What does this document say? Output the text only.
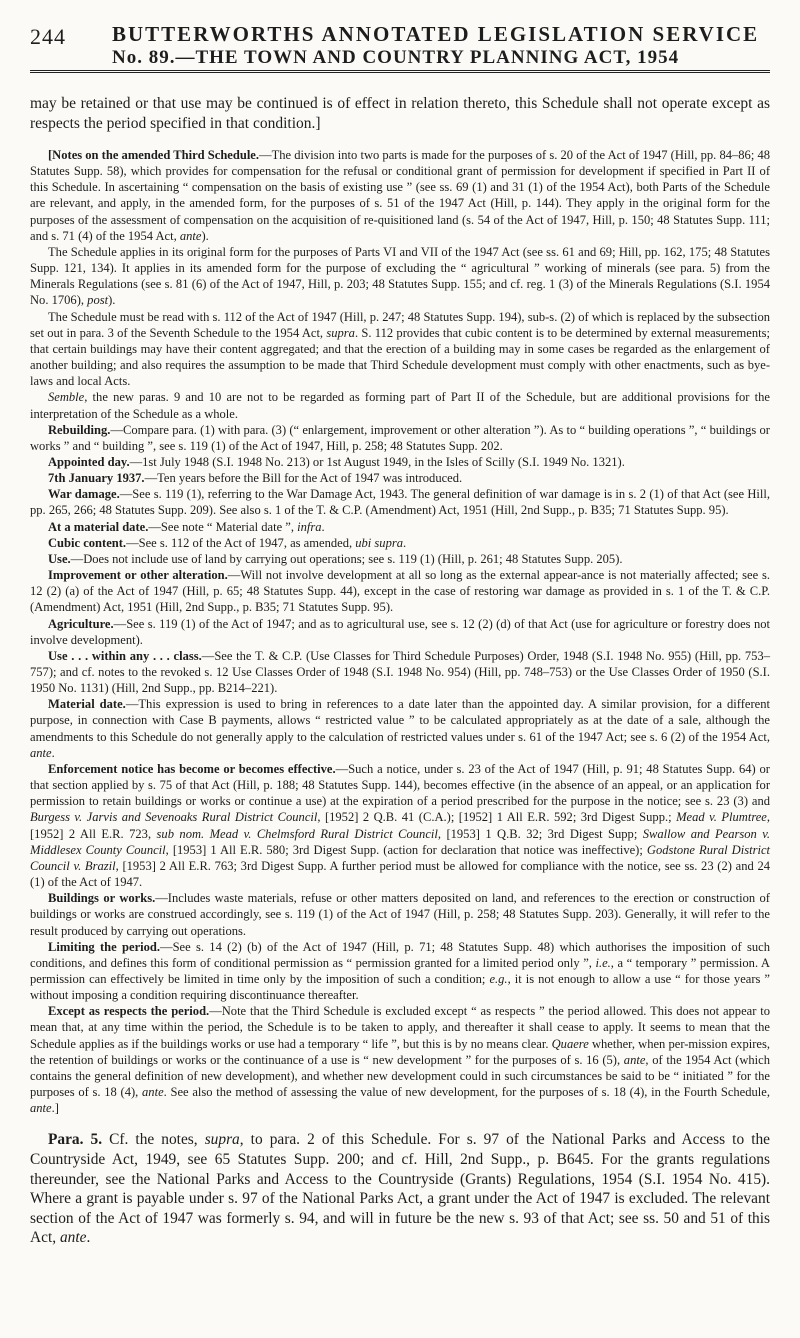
244 BUTTERWORTHS ANNOTATED LEGISLATION SERVICE
No. 89.—THE TOWN AND COUNTRY PLANNING ACT, 1954

may be retained or that use may be continued is of effect in relation thereto, this Schedule shall not operate except as respects the period specified in that condition.]

[Notes on the amended Third Schedule.—The division into two parts is made for the purposes of s. 20 of the Act of 1947 (Hill, pp. 84–86; 48 Statutes Supp. 58), which provides for compensation for the refusal or conditional grant of permission for development if specified in Part II of this Schedule. In ascertaining “ compensation on the basis of existing use ” (see ss. 69 (1) and 31 (1) of the 1954 Act), both Parts of the Schedule are relevant, and apply, in the amended form, for the purposes of s. 51 of the 1947 Act (Hill, p. 144). They apply in the original form for the purposes of the assessment of compensation on the acquisition of re-quisitioned land (s. 54 of the Act of 1947, Hill, p. 150; 48 Statutes Supp. 111; and s. 71 (4) of the 1954 Act, ante).

The Schedule applies in its original form for the purposes of Parts VI and VII of the 1947 Act (see ss. 61 and 69; Hill, pp. 162, 175; 48 Statutes Supp. 121, 134). It applies in its amended form for the purpose of excluding the “ agricultural ” working of minerals (see para. 5) from the Minerals Regulations (see s. 81 (6) of the Act of 1947, Hill, p. 203; 48 Statutes Supp. 155; and cf. reg. 1 (3) of the Minerals Regulations (S.I. 1954 No. 1706), post).

The Schedule must be read with s. 112 of the Act of 1947 (Hill, p. 247; 48 Statutes Supp. 194), sub-s. (2) of which is replaced by the subsection set out in para. 3 of the Seventh Schedule to the 1954 Act, supra. S. 112 provides that cubic content is to be determined by external measurements; that certain buildings may have their content aggregated; and that the erection of a building may in some cases be regarded as the enlargement of another building; and also requires the assumption to be made that Third Schedule development must comply with other enactments, such as bye-laws and local Acts.

Semble, the new paras. 9 and 10 are not to be regarded as forming part of Part II of the Schedule, but are additional provisions for the interpretation of the Schedule as a whole.

Rebuilding.—Compare para. (1) with para. (3) (“ enlargement, improvement or other alteration ”). As to “ building operations ”, “ buildings or works ” and “ building ”, see s. 119 (1) of the Act of 1947, Hill, p. 258; 48 Statutes Supp. 202.

Appointed day.—1st July 1948 (S.I. 1948 No. 213) or 1st August 1949, in the Isles of Scilly (S.I. 1949 No. 1321).

7th January 1937.—Ten years before the Bill for the Act of 1947 was introduced.

War damage.—See s. 119 (1), referring to the War Damage Act, 1943. The general definition of war damage is in s. 2 (1) of that Act (see Hill, pp. 265, 266; 48 Statutes Supp. 209). See also s. 1 of the T. & C.P. (Amendment) Act, 1951 (Hill, 2nd Supp., p. B35; 71 Statutes Supp. 95).

At a material date.—See note “ Material date ”, infra.

Cubic content.—See s. 112 of the Act of 1947, as amended, ubi supra.

Use.—Does not include use of land by carrying out operations; see s. 119 (1) (Hill, p. 261; 48 Statutes Supp. 205).

Improvement or other alteration.—Will not involve development at all so long as the external appear-ance is not materially affected; see s. 12 (2) (a) of the Act of 1947 (Hill, p. 65; 48 Statutes Supp. 44), except in the case of restoring war damage as provided in s. 1 of the T. & C.P. (Amendment) Act, 1951 (Hill, 2nd Supp., p. B35; 71 Statutes Supp. 95).

Agriculture.—See s. 119 (1) of the Act of 1947; and as to agricultural use, see s. 12 (2) (d) of that Act (use for agriculture or forestry does not involve development).

Use . . . within any . . . class.—See the T. & C.P. (Use Classes for Third Schedule Purposes) Order, 1948 (S.I. 1948 No. 955) (Hill, pp. 753–757); and cf. notes to the revoked s. 12 Use Classes Order of 1948 (S.I. 1948 No. 954) (Hill, pp. 748–753) or the Use Classes Order of 1950 (S.I. 1950 No. 1131) (Hill, 2nd Supp., pp. B214–221).

Material date.—This expression is used to bring in references to a date later than the appointed day. A similar provision, for a different purpose, in connection with Case B payments, allows “ restricted value ” to be calculated appropriately as at the date of a sale, although the amendments to this Schedule do not generally apply to the calculation of restricted values under s. 61 of the 1947 Act; see s. 6 (2) of the 1954 Act, ante.

Enforcement notice has become or becomes effective.—Such a notice, under s. 23 of the Act of 1947 (Hill, p. 91; 48 Statutes Supp. 64) or that section applied by s. 75 of that Act (Hill, p. 188; 48 Statutes Supp. 144), becomes effective (in the absence of an appeal, or an application for permission to retain buildings or works or continue a use) at the expiration of a period prescribed for the purpose in the notice; see s. 23 (3) and Burgess v. Jarvis and Sevenoaks Rural District Council, [1952] 2 Q.B. 41 (C.A.); [1952] 1 All E.R. 592; 3rd Digest Supp.; Mead v. Plumtree, [1952] 2 All E.R. 723, sub nom. Mead v. Chelmsford Rural District Council, [1953] 1 Q.B. 32; 3rd Digest Supp; Swallow and Pearson v. Middlesex County Council, [1953] 1 All E.R. 580; 3rd Digest Supp. (action for declaration that notice was ineffective); Godstone Rural District Council v. Brazil, [1953] 2 All E.R. 763; 3rd Digest Supp. A further period must be allowed for compliance with the notice, see ss. 23 (2) and 24 (1) of the Act of 1947.

Buildings or works.—Includes waste materials, refuse or other matters deposited on land, and references to the erection or construction of buildings or works are construed accordingly, see s. 119 (1) of the Act of 1947 (Hill, p. 258; 48 Statutes Supp. 203). Generally, it will refer to the result produced by carrying out operations.

Limiting the period.—See s. 14 (2) (b) of the Act of 1947 (Hill, p. 71; 48 Statutes Supp. 48) which authorises the imposition of such conditions, and defines this form of conditional permission as “ permission granted for a limited period only ”, i.e., a “ temporary ” permission. A permission can effectively be limited in time only by the imposition of such a condition; e.g., it is not enough to allow a use “ for those years ” without imposing a condition requiring discontinuance thereafter.

Except as respects the period.—Note that the Third Schedule is excluded except “ as respects ” the period allowed. This does not appear to mean that, at any time within the period, the Schedule is to be taken to apply, and thereafter it shall cease to apply. It seems to mean that the Schedule applies as if the buildings works or use had a temporary “ life ”, but this is by no means clear. Quaere whether, when per-mission expires, the retention of buildings or works or the continuance of a use is “ new development ” for the purposes of s. 16 (5), ante, of the 1954 Act (which contains the general definition of new development), and whether new development could in such circumstances be said to be “ initiated ” for the purposes of s. 18 (4), ante. See also the method of assessing the value of new development, for the purposes of s. 18 (4), in the Fourth Schedule, ante.]

Para. 5. Cf. the notes, supra, to para. 2 of this Schedule. For s. 97 of the National Parks and Access to the Countryside Act, 1949, see 65 Statutes Supp. 200; and cf. Hill, 2nd Supp., p. B645. For the grants regulations thereunder, see the National Parks and Access to the Countryside (Grants) Regulations, 1954 (S.I. 1954 No. 415). Where a grant is payable under s. 97 of the National Parks Act, a grant under the Act of 1947 is excluded. The relevant section of the Act of 1947 was formerly s. 94, and will in future be the new s. 93 of that Act; see ss. 50 and 51 of this Act, ante.
